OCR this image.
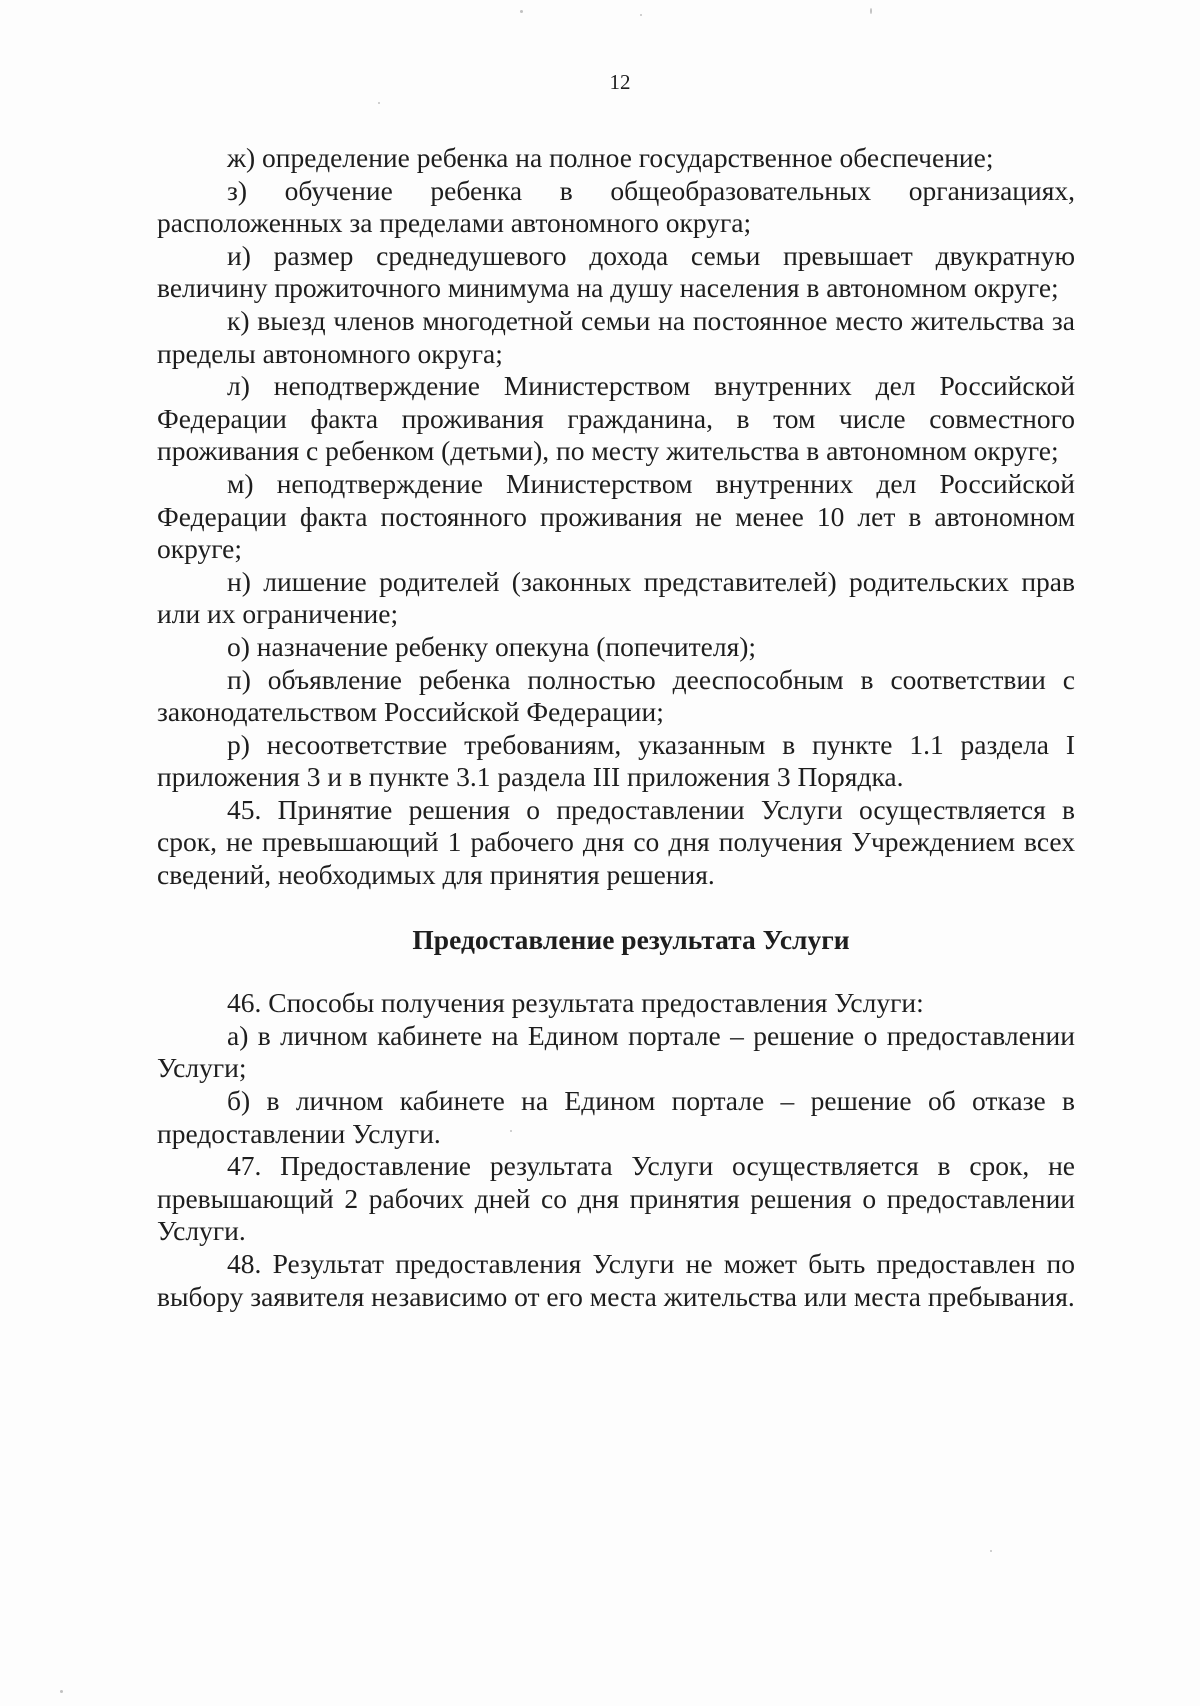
12

ж) определение ребенка на полное государственное обеспечение;

з) обучение ребенка в общеобразовательных организациях, расположенных за пределами автономного округа;

и) размер среднедушевого дохода семьи превышает двукратную величину прожиточного минимума на душу населения в автономном округе;

к) выезд членов многодетной семьи на постоянное место жительства за пределы автономного округа;

л) неподтверждение Министерством внутренних дел Российской Федерации факта проживания гражданина, в том числе совместного проживания с ребенком (детьми), по месту жительства в автономном округе;

м) неподтверждение Министерством внутренних дел Российской Федерации факта постоянного проживания не менее 10 лет в автономном округе;

н) лишение родителей (законных представителей) родительских прав или их ограничение;

о) назначение ребенку опекуна (попечителя);

п) объявление ребенка полностью дееспособным в соответствии с законодательством Российской Федерации;

р) несоответствие требованиям, указанным в пункте 1.1 раздела I приложения 3 и в пункте 3.1 раздела III приложения 3 Порядка.

45. Принятие решения о предоставлении Услуги осуществляется в срок, не превышающий 1 рабочего дня со дня получения Учреждением всех сведений, необходимых для принятия решения.

Предоставление результата Услуги

46. Способы получения результата предоставления Услуги:

а) в личном кабинете на Едином портале – решение о предоставлении Услуги;

б) в личном кабинете на Едином портале – решение об отказе в предоставлении Услуги.

47. Предоставление результата Услуги осуществляется в срок, не превышающий 2 рабочих дней со дня принятия решения о предоставлении Услуги.

48. Результат предоставления Услуги не может быть предоставлен по выбору заявителя независимо от его места жительства или места пребывания.
